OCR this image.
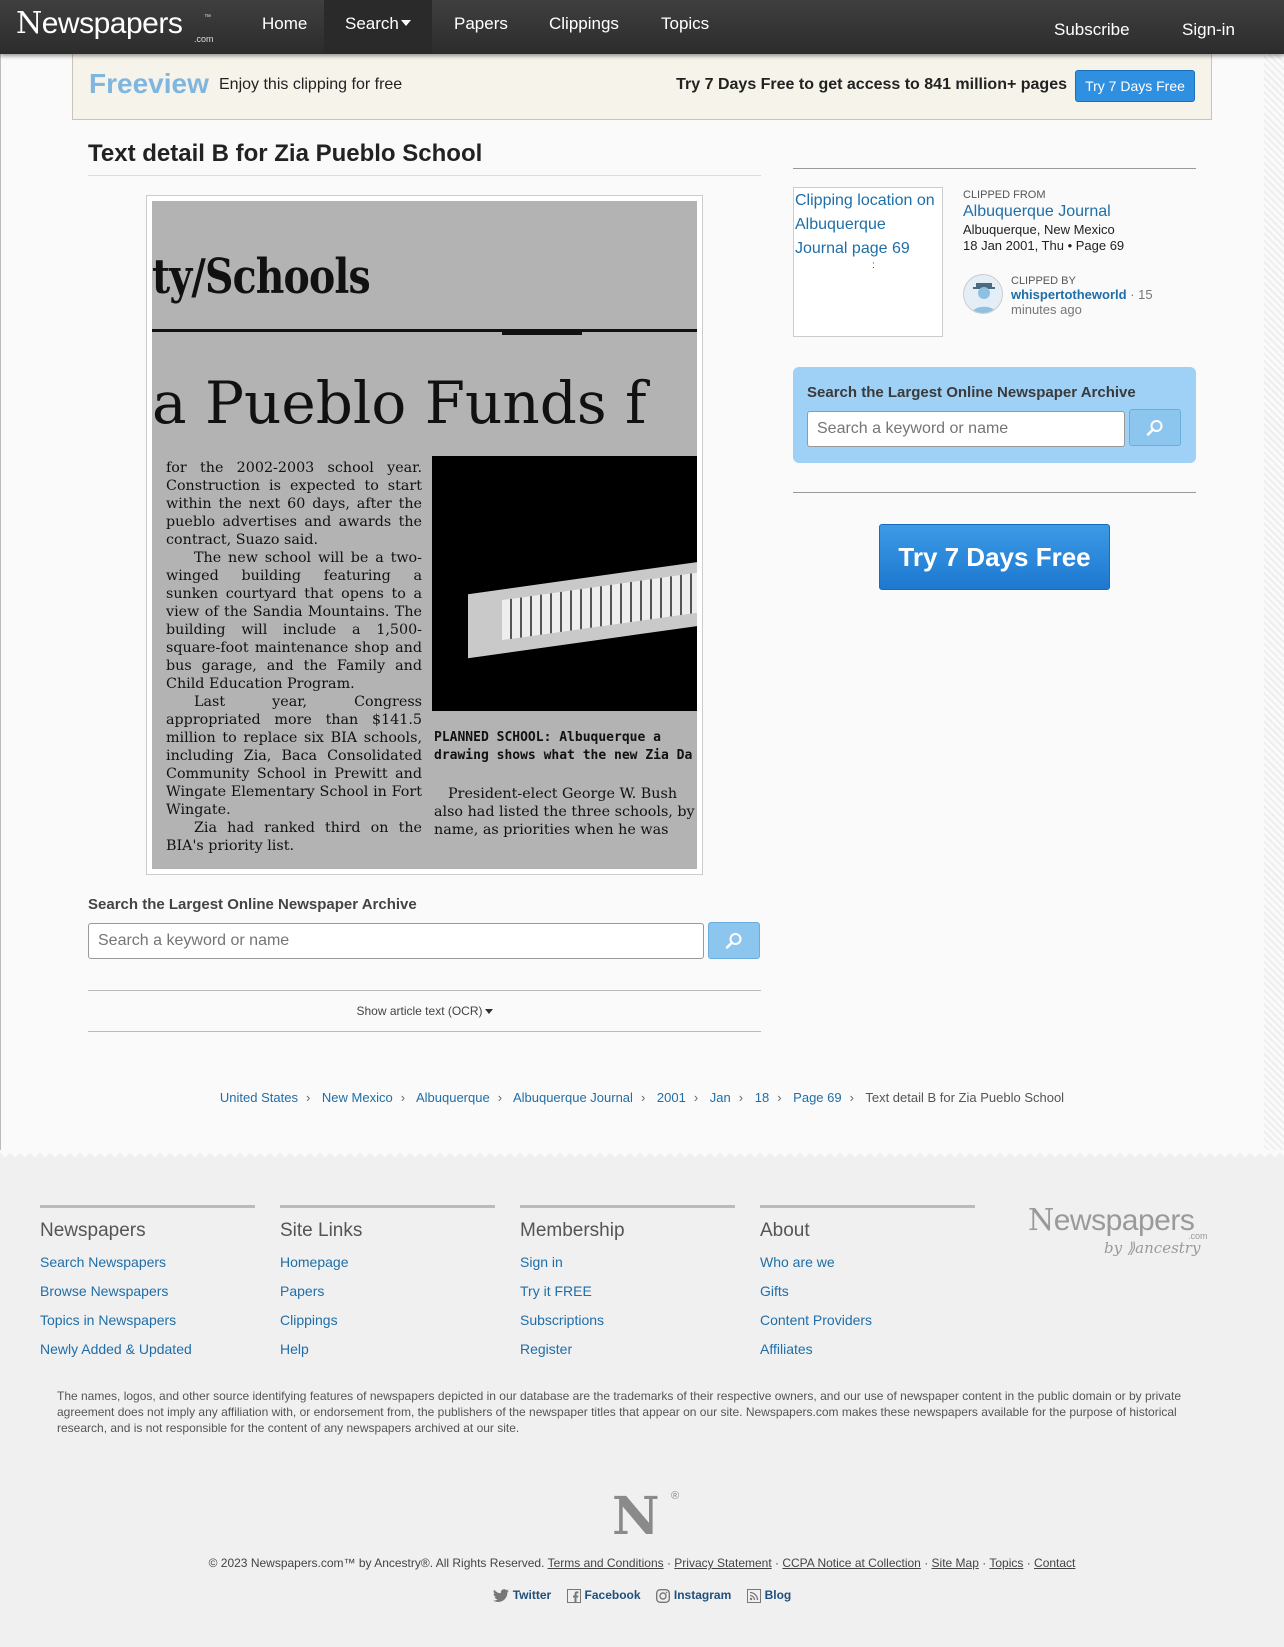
Newspapers	™
.com
Home Search	Papers Clippings Topics	Subscribe	Sign-in
Freeview Enjoy this clipping for free	Try 7 Days Free to get access to 841 million+ pages	Try 7 Days Free
Text detail B for Zia Pueblo School
ty/Schools
a Pueblo Funds f

for the 2002-2003 school year. Construction is expected to start within the next 60 days, after the pueblo advertises and awards the contract, Suazo said.

The new school will be a two-winged building featuring a sunken courtyard that opens to a view of the Sandia Mountains. The building will include a 1,500-square-foot maintenance shop and bus garage, and the Family and Child Education Program.

Last year, Congress appropriated more than $141.5 million to replace six BIA schools, including Zia, Baca Consolidated Community School in Prewitt and Wingate Elementary School in Fort Wingate.

Zia had ranked third on the BIA's priority list.

PLANNED SCHOOL: Albuquerque a
drawing shows what the new Zia Da
President-elect George W. Bush also had listed the three schools, by name, as priorities when he was
Search the Largest Online Newspaper Archive
Search a keyword or name
Show article text (OCR)
Clipping location on Albuquerque Journal page 69
:
CLIPPED FROM
Albuquerque Journal
Albuquerque, New Mexico
18 Jan 2001, Thu • Page 69
CLIPPED BY
whispertotheworld · 15 minutes ago
Search the Largest Online Newspaper Archive
Search a keyword or name
Try 7 Days Free
United States › New Mexico › Albuquerque › Albuquerque Journal › 2001 › Jan › 18 › Page 69 › Text detail B for Zia Pueblo School
Newspapers
Search Newspapers
Browse Newspapers
Topics in Newspapers
Newly Added & Updated
Site Links
Homepage
Papers
Clippings
Help
Membership
Sign in
Try it FREE
Subscriptions
Register
About
Who are we
Gifts
Content Providers
Affiliates
Newspapers
.com
by ⟫ancestry
The names, logos, and other source identifying features of newspapers depicted in our database are the trademarks of their respective owners, and our use of newspaper content in the public domain or by private agreement does not imply any affiliation with, or endorsement from, the publishers of the newspaper titles that appear on our site. Newspapers.com makes these newspapers available for the purpose of historical research, and is not responsible for the content of any newspapers archived at our site.
N ®
© 2023 Newspapers.com™ by Ancestry®. All Rights Reserved. Terms and Conditions · Privacy Statement · CCPA Notice at Collection · Site Map · Topics · Contact
Twitter	Facebook	Instagram	Blog
